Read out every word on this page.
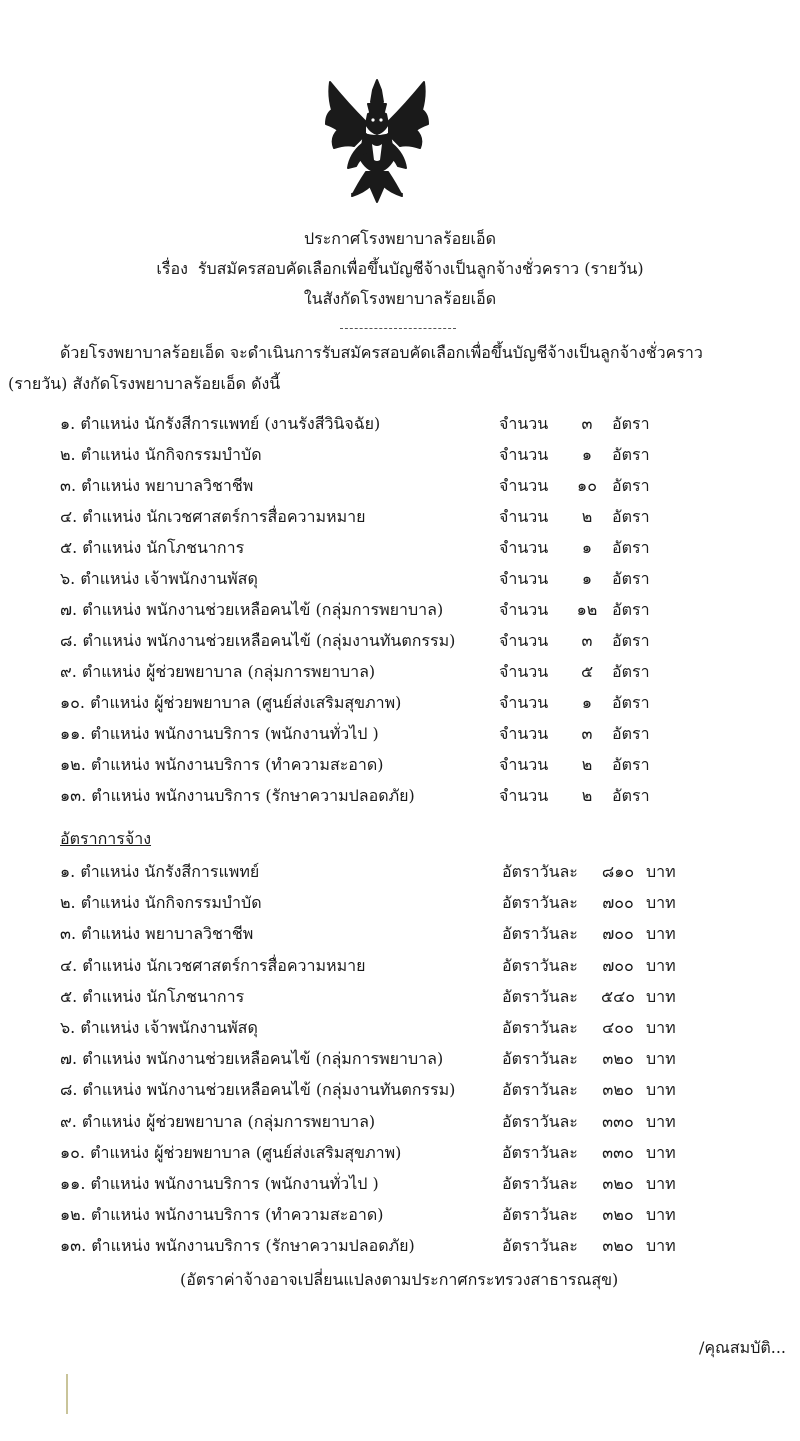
ประกาศโรงพยาบาลร้อยเอ็ด
เรื่อง รับสมัครสอบคัดเลือกเพื่อขึ้นบัญชีจ้างเป็นลูกจ้างชั่วคราว (รายวัน)
ในสังกัดโรงพยาบาลร้อยเอ็ด
ด้วยโรงพยาบาลร้อยเอ็ด จะดำเนินการรับสมัครสอบคัดเลือกเพื่อขึ้นบัญชีจ้างเป็นลูกจ้างชั่วคราว
(รายวัน) สังกัดโรงพยาบาลร้อยเอ็ด ดังนี้
๑. ตำแหน่ง นักรังสีการแพทย์ (งานรังสีวินิจฉัย)	จำนวน	๓	อัตรา
๒. ตำแหน่ง นักกิจกรรมบำบัด	จำนวน	๑	อัตรา
๓. ตำแหน่ง พยาบาลวิชาชีพ	จำนวน	๑๐ อัตรา
๔. ตำแหน่ง นักเวชศาสตร์การสื่อความหมาย	จำนวน	๒	อัตรา
๕. ตำแหน่ง นักโภชนาการ	จำนวน	๑	อัตรา
๖. ตำแหน่ง เจ้าพนักงานพัสดุ	จำนวน	๑	อัตรา
๗. ตำแหน่ง พนักงานช่วยเหลือคนไข้ (กลุ่มการพยาบาล)	จำนวน	๑๒ อัตรา
๘. ตำแหน่ง พนักงานช่วยเหลือคนไข้ (กลุ่มงานทันตกรรม)	จำนวน	๓	อัตรา
๙. ตำแหน่ง ผู้ช่วยพยาบาล (กลุ่มการพยาบาล)	จำนวน	๕	อัตรา
๑๐. ตำแหน่ง ผู้ช่วยพยาบาล (ศูนย์ส่งเสริมสุขภาพ)	จำนวน	๑	อัตรา
๑๑. ตำแหน่ง พนักงานบริการ (พนักงานทั่วไป )	จำนวน	๓	อัตรา
๑๒. ตำแหน่ง พนักงานบริการ (ทำความสะอาด)	จำนวน	๒	อัตรา
๑๓. ตำแหน่ง พนักงานบริการ (รักษาความปลอดภัย)	จำนวน	๒	อัตรา
อัตราการจ้าง
๑. ตำแหน่ง นักรังสีการแพทย์	อัตราวันละ	๘๑๐ บาท
๒. ตำแหน่ง นักกิจกรรมบำบัด	อัตราวันละ	๗๐๐ บาท
๓. ตำแหน่ง พยาบาลวิชาชีพ	อัตราวันละ	๗๐๐ บาท
๔. ตำแหน่ง นักเวชศาสตร์การสื่อความหมาย	อัตราวันละ	๗๐๐ บาท
๕. ตำแหน่ง นักโภชนาการ	อัตราวันละ	๕๔๐ บาท
๖. ตำแหน่ง เจ้าพนักงานพัสดุ	อัตราวันละ	๔๐๐ บาท
๗. ตำแหน่ง พนักงานช่วยเหลือคนไข้ (กลุ่มการพยาบาล)	อัตราวันละ	๓๒๐ บาท
๘. ตำแหน่ง พนักงานช่วยเหลือคนไข้ (กลุ่มงานทันตกรรม)	อัตราวันละ	๓๒๐ บาท
๙. ตำแหน่ง ผู้ช่วยพยาบาล (กลุ่มการพยาบาล)	อัตราวันละ	๓๓๐ บาท
๑๐. ตำแหน่ง ผู้ช่วยพยาบาล (ศูนย์ส่งเสริมสุขภาพ)	อัตราวันละ	๓๓๐ บาท
๑๑. ตำแหน่ง พนักงานบริการ (พนักงานทั่วไป )	อัตราวันละ	๓๒๐ บาท
๑๒. ตำแหน่ง พนักงานบริการ (ทำความสะอาด)	อัตราวันละ	๓๒๐ บาท
๑๓. ตำแหน่ง พนักงานบริการ (รักษาความปลอดภัย)	อัตราวันละ	๓๒๐ บาท
(อัตราค่าจ้างอาจเปลี่ยนแปลงตามประกาศกระทรวงสาธารณสุข)
/คุณสมบัติ...
